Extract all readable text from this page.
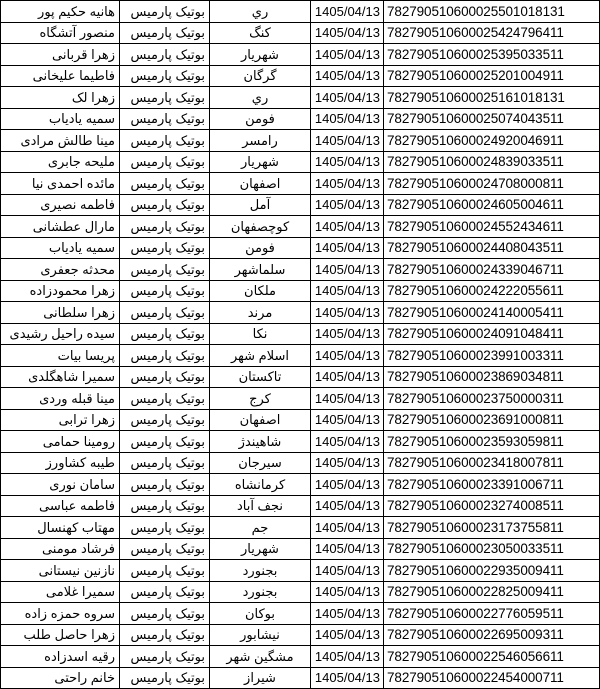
هانیه حکیم پور	بوتیک پارمیس	ري	1405/04/13	782790510600025501018131
منصور آتشگاه	بوتیک پارمیس	کنگ	1405/04/13	782790510600025424796411
زهرا قربانی	بوتیک پارمیس	شهريار	1405/04/13	782790510600025395033511
فاطیما علیخانی	بوتیک پارمیس	گرگان	1405/04/13	782790510600025201004911
زهرا لک	بوتیک پارمیس	ري	1405/04/13	782790510600025161018131
سمیه یادیاب	بوتیک پارمیس	فومن	1405/04/13	782790510600025074043511
مینا طالش مرادی	بوتیک پارمیس	رامسر	1405/04/13	782790510600024920046911
ملیحه جابری	بوتیک پارمیس	شهريار	1405/04/13	782790510600024839033511
مائده احمدی نیا	بوتیک پارمیس	اصفهان	1405/04/13	782790510600024708000811
فاطمه نصیری	بوتیک پارمیس	آمل	1405/04/13	782790510600024605004611
مارال عطشانی	بوتیک پارمیس	کوچصفهان	1405/04/13	782790510600024552434611
سمیه یادیاب	بوتیک پارمیس	فومن	1405/04/13	782790510600024408043511
محدثه جعفری	بوتیک پارمیس	سلماشهر	1405/04/13	782790510600024339046711
زهرا محمودزاده	بوتیک پارمیس	ملکان	1405/04/13	782790510600024222055611
زهرا سلطانی	بوتیک پارمیس	مرند	1405/04/13	782790510600024140005411
سیده راحیل رشیدی	بوتیک پارمیس	نکا	1405/04/13	782790510600024091048411
پریسا بیات	بوتیک پارمیس	اسلام شهر	1405/04/13	782790510600023991003311
سمیرا شاهگلدی	بوتیک پارمیس	تاکستان	1405/04/13	782790510600023869034811
مینا قبله وردی	بوتیک پارمیس	کرج	1405/04/13	782790510600023750000311
زهرا ترابی	بوتیک پارمیس	اصفهان	1405/04/13	782790510600023691000811
رومینا حمامی	بوتیک پارمیس	شاهيندژ	1405/04/13	782790510600023593059811
طیبه کشاورز	بوتیک پارمیس	سيرجان	1405/04/13	782790510600023418007811
سامان نوری	بوتیک پارمیس	کرمانشاه	1405/04/13	782790510600023391006711
فاطمه عباسی	بوتیک پارمیس	نجف آباد	1405/04/13	782790510600023274008511
مهتاب کهنسال	بوتیک پارمیس	جم	1405/04/13	782790510600023173755811
فرشاد مومنی	بوتیک پارمیس	شهريار	1405/04/13	782790510600023050033511
نازنین نیستانی	بوتیک پارمیس	بجنورد	1405/04/13	782790510600022935009411
سمیرا غلامی	بوتیک پارمیس	بجنورد	1405/04/13	782790510600022825009411
سروه حمزه زاده	بوتیک پارمیس	بوکان	1405/04/13	782790510600022776059511
زهرا حاصل طلب	بوتیک پارمیس	نيشابور	1405/04/13	782790510600022695009311
رقیه اسدزاده	بوتیک پارمیس	مشگين شهر	1405/04/13	782790510600022546056611
خانم راحتی	بوتیک پارمیس	شيراز	1405/04/13	782790510600022454000711
